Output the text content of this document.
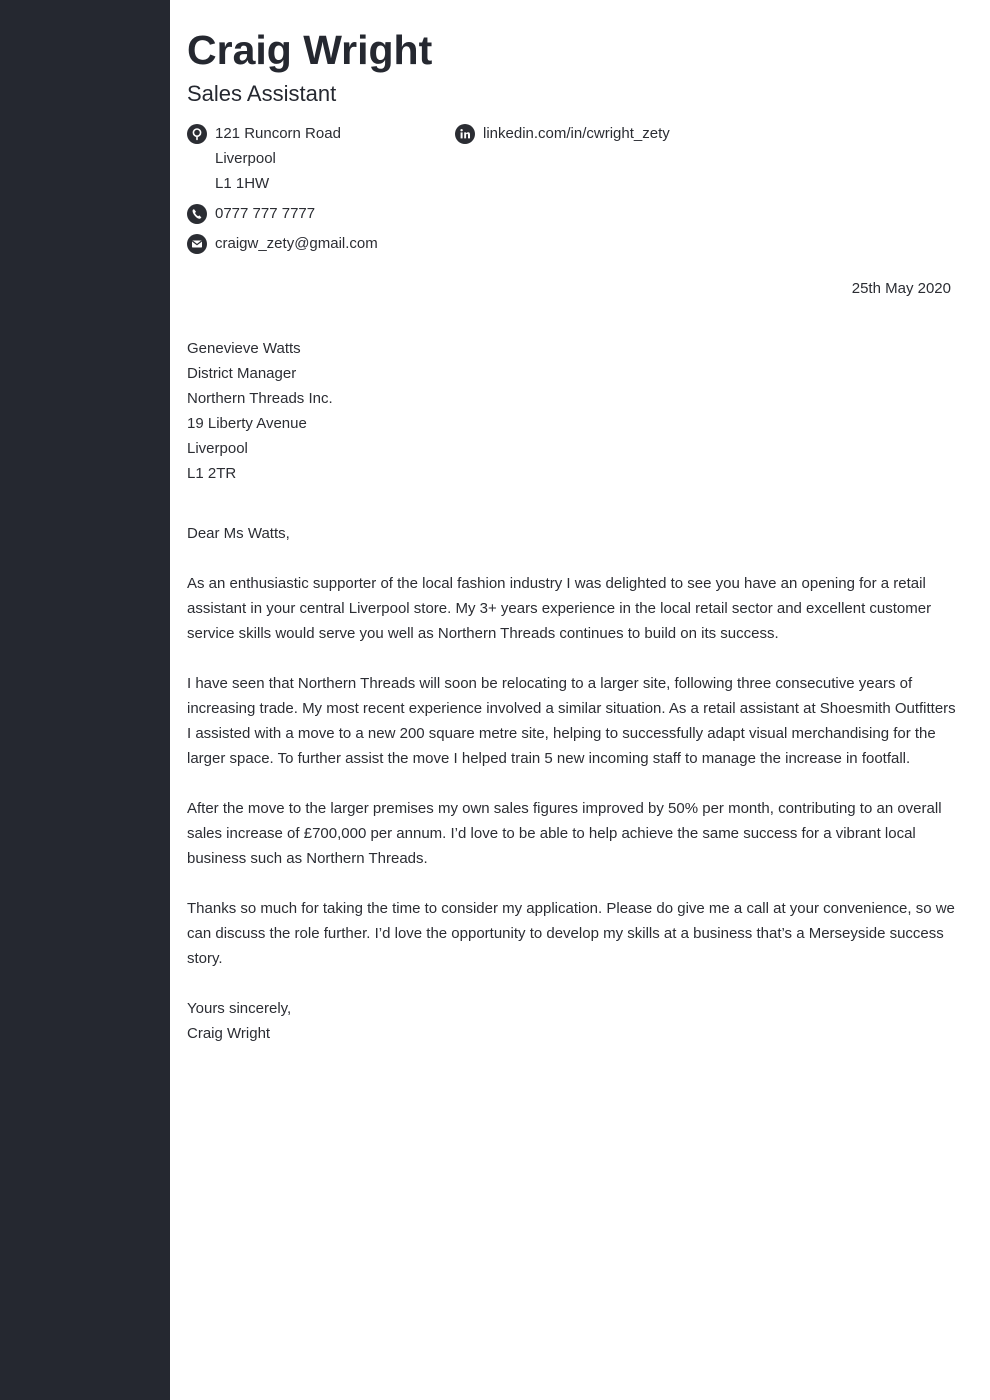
Craig Wright
Sales Assistant
121 Runcorn Road
Liverpool
L1 1HW
0777 777 7777
craigw_zety@gmail.com
linkedin.com/in/cwright_zety
25th May 2020
Genevieve Watts
District Manager
Northern Threads Inc.
19 Liberty Avenue
Liverpool
L1 2TR

Dear Ms Watts,

As an enthusiastic supporter of the local fashion industry I was delighted to see you have an opening for a retail assistant in your central Liverpool store. My 3+ years experience in the local retail sector and excellent customer service skills would serve you well as Northern Threads continues to build on its success.

I have seen that Northern Threads will soon be relocating to a larger site, following three consecutive years of increasing trade. My most recent experience involved a similar situation. As a retail assistant at Shoesmith Outfitters I assisted with a move to a new 200 square metre site, helping to successfully adapt visual merchandising for the larger space. To further assist the move I helped train 5 new incoming staff to manage the increase in footfall.

After the move to the larger premises my own sales figures improved by 50% per month, contributing to an overall sales increase of £700,000 per annum. I’d love to be able to help achieve the same success for a vibrant local business such as Northern Threads.

Thanks so much for taking the time to consider my application. Please do give me a call at your convenience, so we can discuss the role further. I’d love the opportunity to develop my skills at a business that’s a Merseyside success story.

Yours sincerely,

Craig Wright
